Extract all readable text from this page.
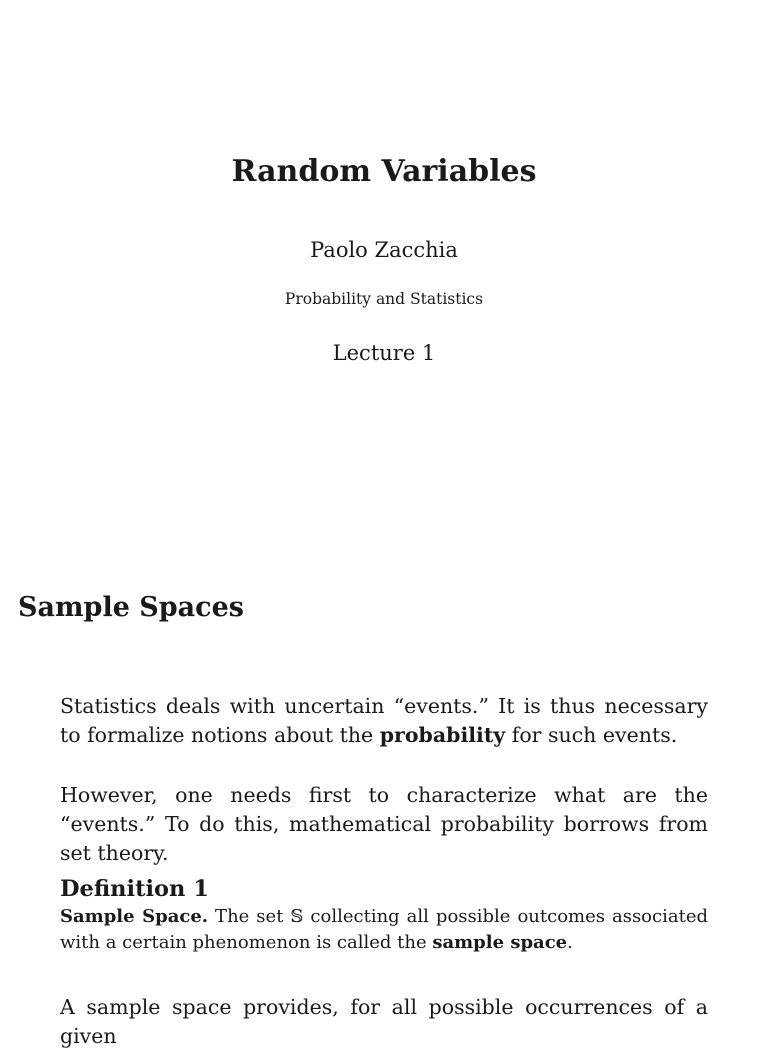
Random Variables
Paolo Zacchia
Probability and Statistics
Lecture 1
Sample Spaces

Statistics deals with uncertain “events.” It is thus necessary to formalize notions about the probability for such events.

However, one needs first to characterize what are the “events.” To do this, mathematical probability borrows from set theory.

Definition 1

Sample Space. The set 𝕊 collecting all possible outcomes associated with a certain phenomenon is called the sample space.

A sample space provides, for all possible occurrences of a given
